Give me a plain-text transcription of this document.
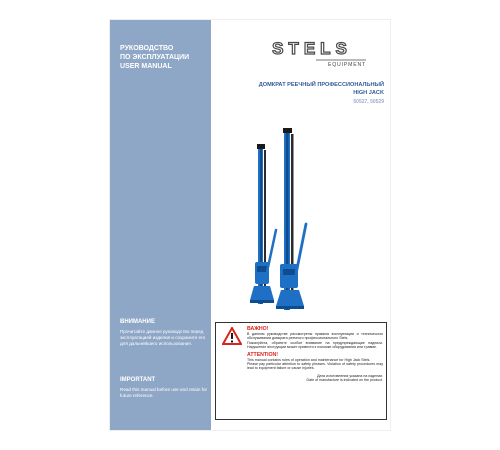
РУКОВОДСТВО
ПО ЭКСПЛУАТАЦИИ
USER MANUAL
ВНИМАНИЕ
Прочитайте данное руководство перед эксплуатацией изделия и сохраните его для дальнейшего использования.
IMPORTANT
Read this manual before use and retain for future reference.
STELS
EQUIPMENT
ДОМКРАТ РЕЕЧНЫЙ ПРОФЕССИОНАЛЬНЫЙ
HIGH JACK
50527, 50529
ВАЖНО!
В данном руководстве рассмотрены правила эксплуатации и технического обслуживания домкрата реечного профессионального Stels.
Пожалуйста, обратите особое внимание на предупреждающие надписи. Нарушение инструкции может привести к поломке оборудования или травме.
ATTENTION!
This manual contains rules of operation and maintenance for High Jack Stels.
Please pay particular attention to safety phrases. Violation of safety procedures may lead to equipment failure or cause injuries.
Дата изготовления указана на изделии.
Date of manufacture is indicated on the product.
